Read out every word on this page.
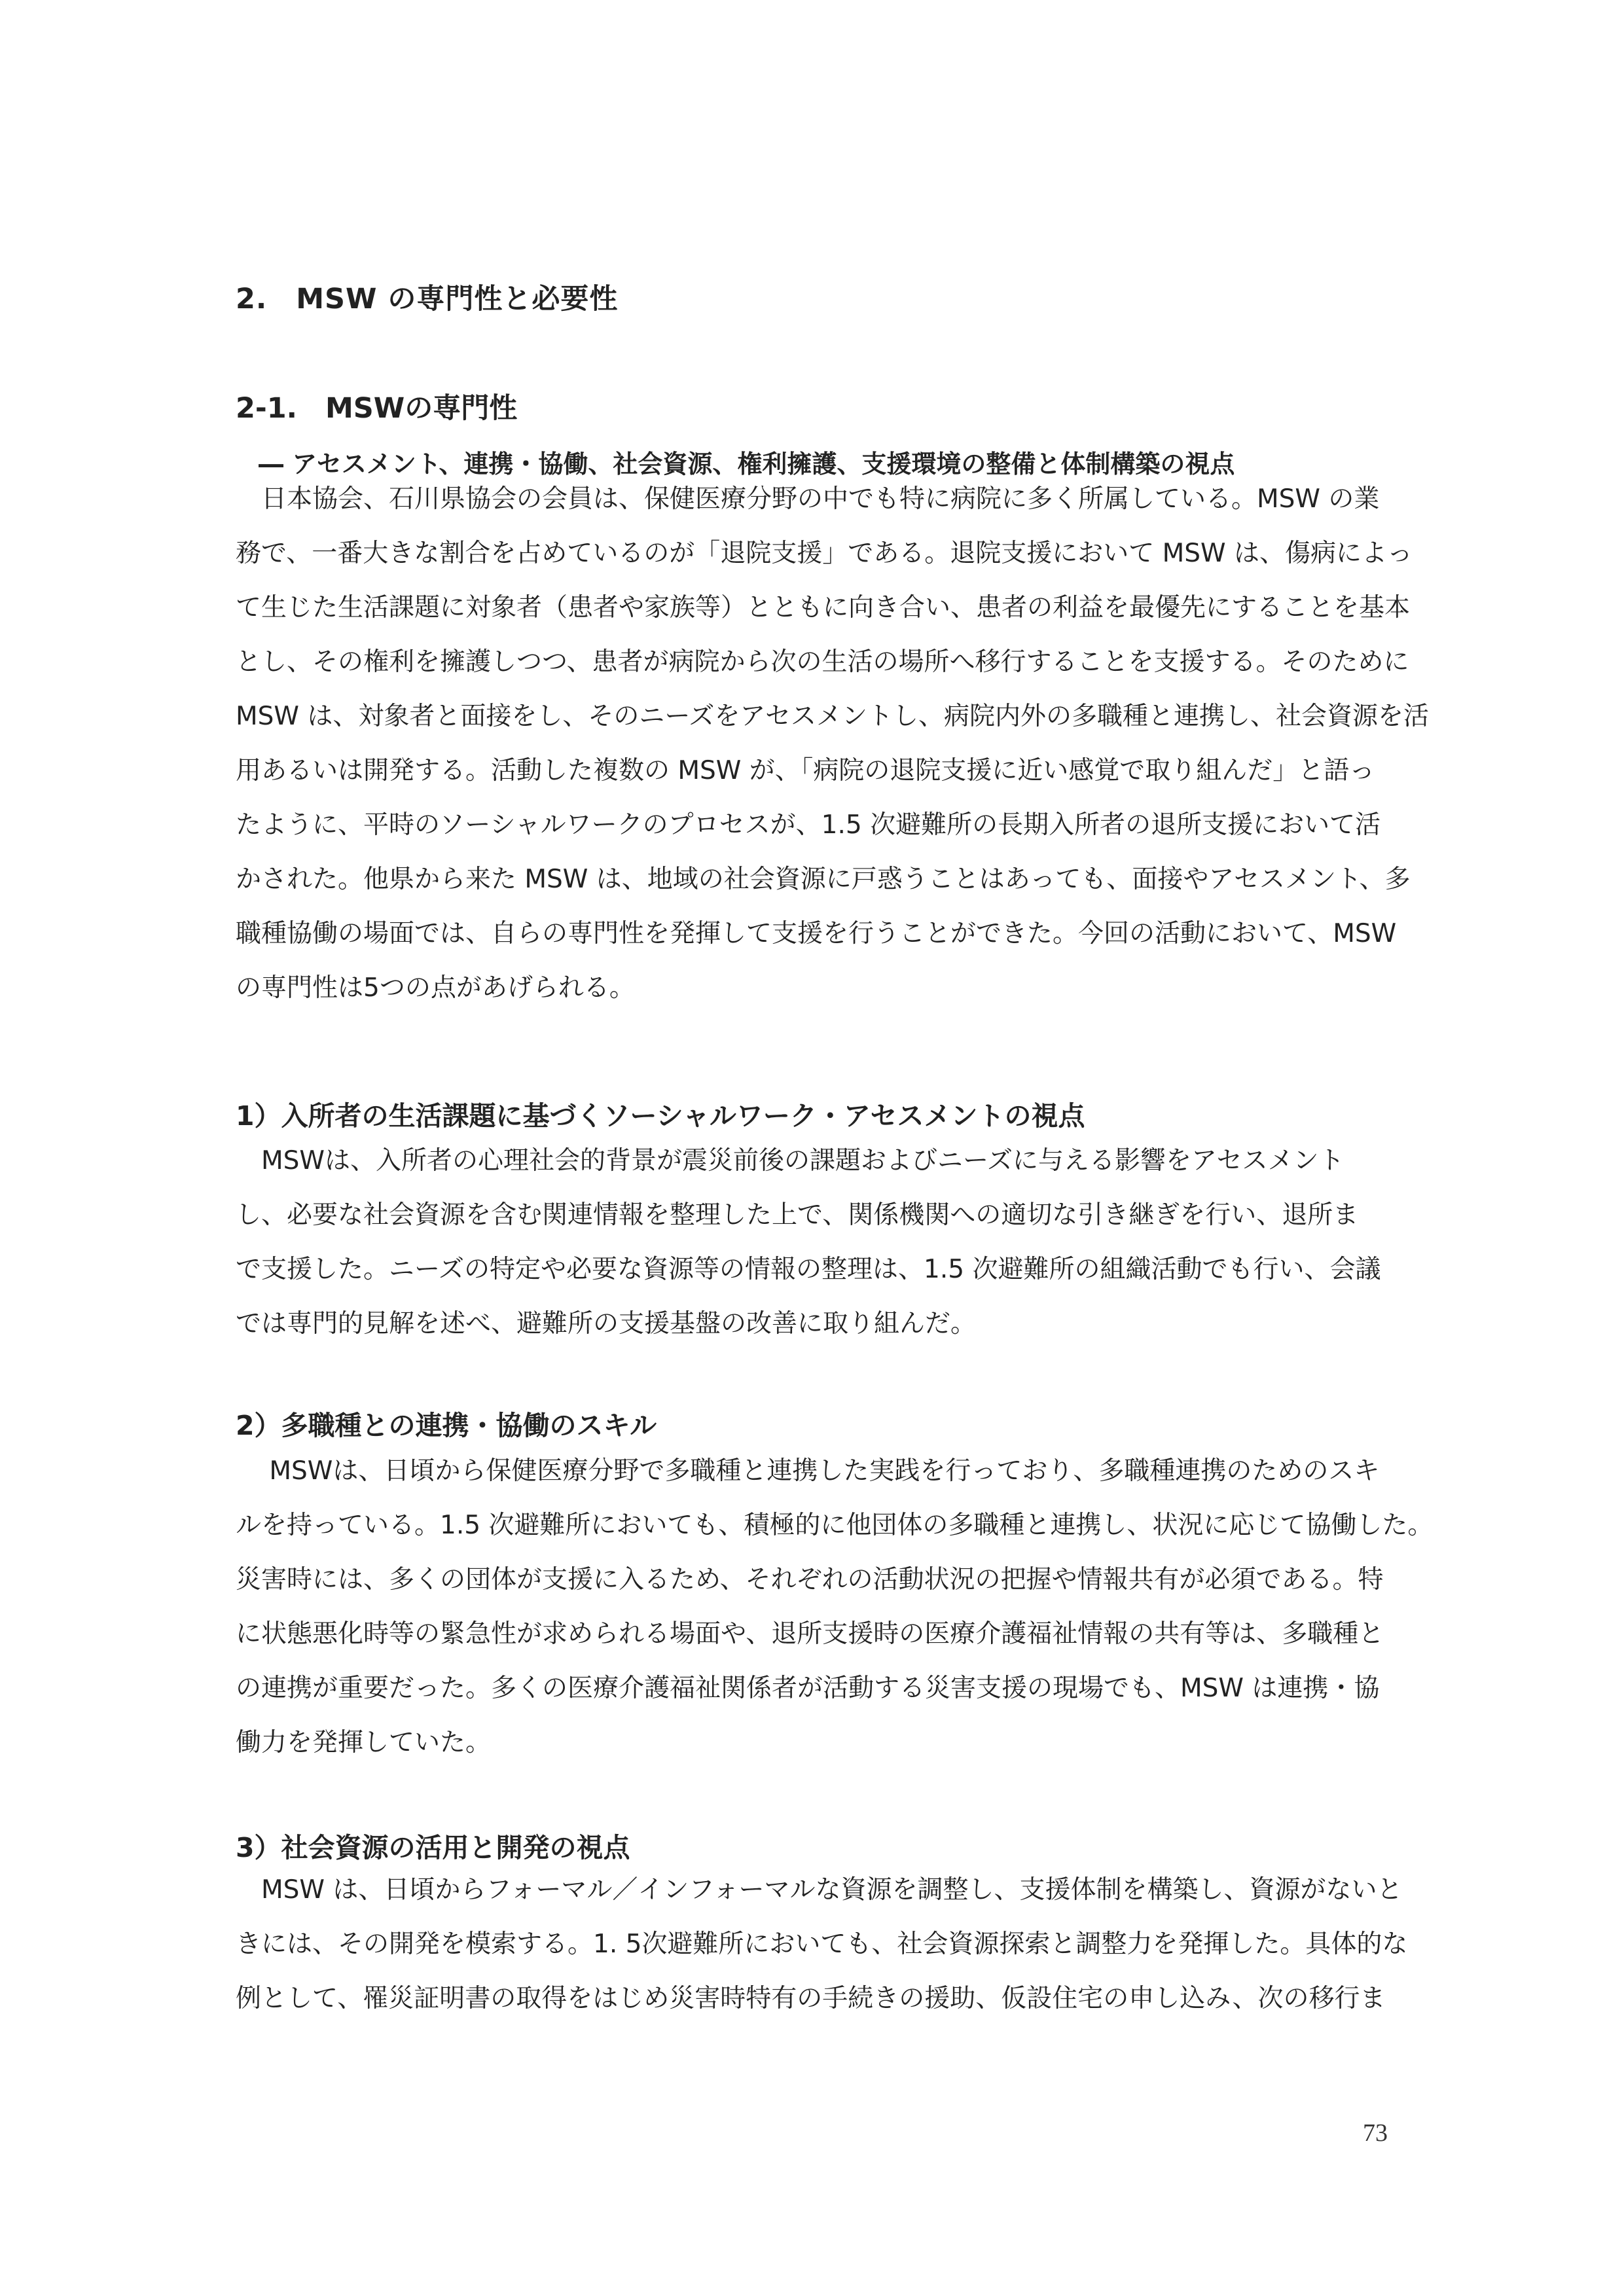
2.　MSW の専門性と必要性
2-1.　MSWの専門性
― アセスメント、連携・協働、社会資源、権利擁護、支援環境の整備と体制構築の視点
　日本協会、石川県協会の会員は、保健医療分野の中でも特に病院に多く所属している。MSW の業
務で、一番大きな割合を占めているのが「退院支援」である。退院支援において MSW は、傷病によっ
て生じた生活課題に対象者（患者や家族等）とともに向き合い、患者の利益を最優先にすることを基本
とし、その権利を擁護しつつ、患者が病院から次の生活の場所へ移行することを支援する。そのために
MSW は、対象者と面接をし、そのニーズをアセスメントし、病院内外の多職種と連携し、社会資源を活
用あるいは開発する。活動した複数の MSW が、「病院の退院支援に近い感覚で取り組んだ」と語っ
たように、平時のソーシャルワークのプロセスが、1.5 次避難所の長期入所者の退所支援において活
かされた。他県から来た MSW は、地域の社会資源に戸惑うことはあっても、面接やアセスメント、多
職種協働の場面では、自らの専門性を発揮して支援を行うことができた。今回の活動において、MSW
の専門性は5つの点があげられる。
1）入所者の生活課題に基づくソーシャルワーク・アセスメントの視点
　MSWは、入所者の心理社会的背景が震災前後の課題およびニーズに与える影響をアセスメント
し、必要な社会資源を含む関連情報を整理した上で、関係機関への適切な引き継ぎを行い、退所ま
で支援した。ニーズの特定や必要な資源等の情報の整理は、1.5 次避難所の組織活動でも行い、会議
では専門的見解を述べ、避難所の支援基盤の改善に取り組んだ。
2）多職種との連携・協働のスキル
　 MSWは、日頃から保健医療分野で多職種と連携した実践を行っており、多職種連携のためのスキ
ルを持っている。1.5 次避難所においても、積極的に他団体の多職種と連携し、状況に応じて協働した。
災害時には、多くの団体が支援に入るため、それぞれの活動状況の把握や情報共有が必須である。特
に状態悪化時等の緊急性が求められる場面や、退所支援時の医療介護福祉情報の共有等は、多職種と
の連携が重要だった。多くの医療介護福祉関係者が活動する災害支援の現場でも、MSW は連携・協
働力を発揮していた。
3）社会資源の活用と開発の視点
　MSW は、日頃からフォーマル／インフォーマルな資源を調整し、支援体制を構築し、資源がないと
きには、その開発を模索する。1. 5次避難所においても、社会資源探索と調整力を発揮した。具体的な
例として、罹災証明書の取得をはじめ災害時特有の手続きの援助、仮設住宅の申し込み、次の移行ま
73
